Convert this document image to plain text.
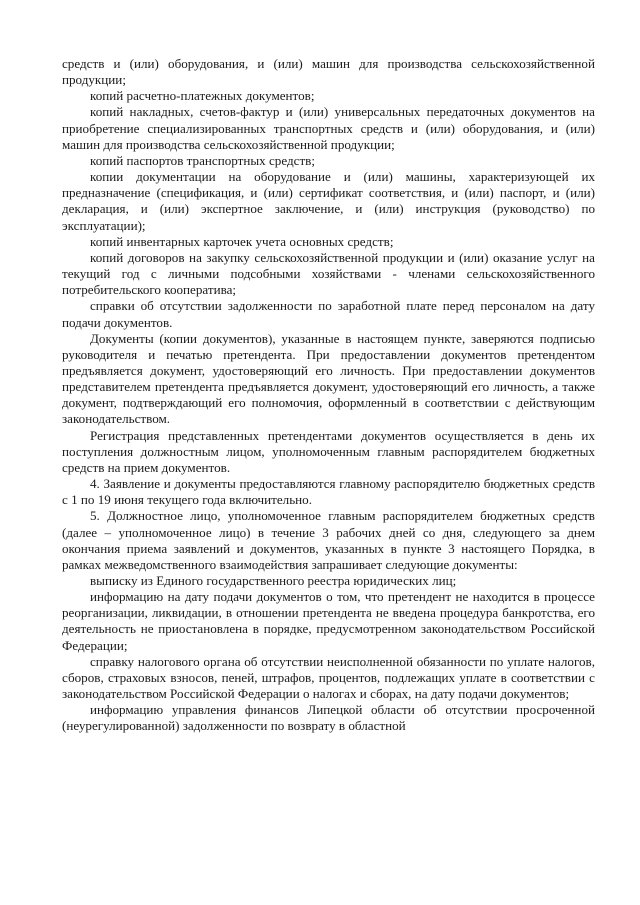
средств и (или) оборудования, и (или) машин для производства сельскохозяйственной продукции;

копий расчетно-платежных документов;

копий накладных, счетов-фактур и (или) универсальных передаточных документов на приобретение специализированных транспортных средств и (или) оборудования, и (или) машин для производства сельскохозяйственной продукции;

копий паспортов транспортных средств;

копии документации на оборудование и (или) машины, характеризующей их предназначение (спецификация, и (или) сертификат соответствия, и (или) паспорт, и (или) декларация, и (или) экспертное заключение, и (или) инструкция (руководство) по эксплуатации);

копий инвентарных карточек учета основных средств;

копий договоров на закупку сельскохозяйственной продукции и (или) оказание услуг на текущий год с личными подсобными хозяйствами - членами сельскохозяйственного потребительского кооператива;

справки об отсутствии задолженности по заработной плате перед персоналом на дату подачи документов.

Документы (копии документов), указанные в настоящем пункте, заверяются подписью руководителя и печатью претендента. При предоставлении документов претендентом предъявляется документ, удостоверяющий его личность. При предоставлении документов представителем претендента предъявляется документ, удостоверяющий его личность, а также документ, подтверждающий его полномочия, оформленный в соответствии с действующим законодательством.

Регистрация представленных претендентами документов осуществляется в день их поступления должностным лицом, уполномоченным главным распорядителем бюджетных средств на прием документов.

4. Заявление и документы предоставляются главному распорядителю бюджетных средств с 1 по 19 июня текущего года включительно.

5. Должностное лицо, уполномоченное главным распорядителем бюджетных средств (далее – уполномоченное лицо) в течение 3 рабочих дней со дня, следующего за днем окончания приема заявлений и документов, указанных в пункте 3 настоящего Порядка, в рамках межведомственного взаимодействия запрашивает следующие документы:

выписку из Единого государственного реестра юридических лиц;

информацию на дату подачи документов о том, что претендент не находится в процессе реорганизации, ликвидации, в отношении претендента не введена процедура банкротства, его деятельность не приостановлена в порядке, предусмотренном законодательством Российской Федерации;

справку налогового органа об отсутствии неисполненной обязанности по уплате налогов, сборов, страховых взносов, пеней, штрафов, процентов, подлежащих уплате в соответствии с законодательством Российской Федерации о налогах и сборах, на дату подачи документов;

информацию управления финансов Липецкой области об отсутствии просроченной (неурегулированной) задолженности по возврату в областной
